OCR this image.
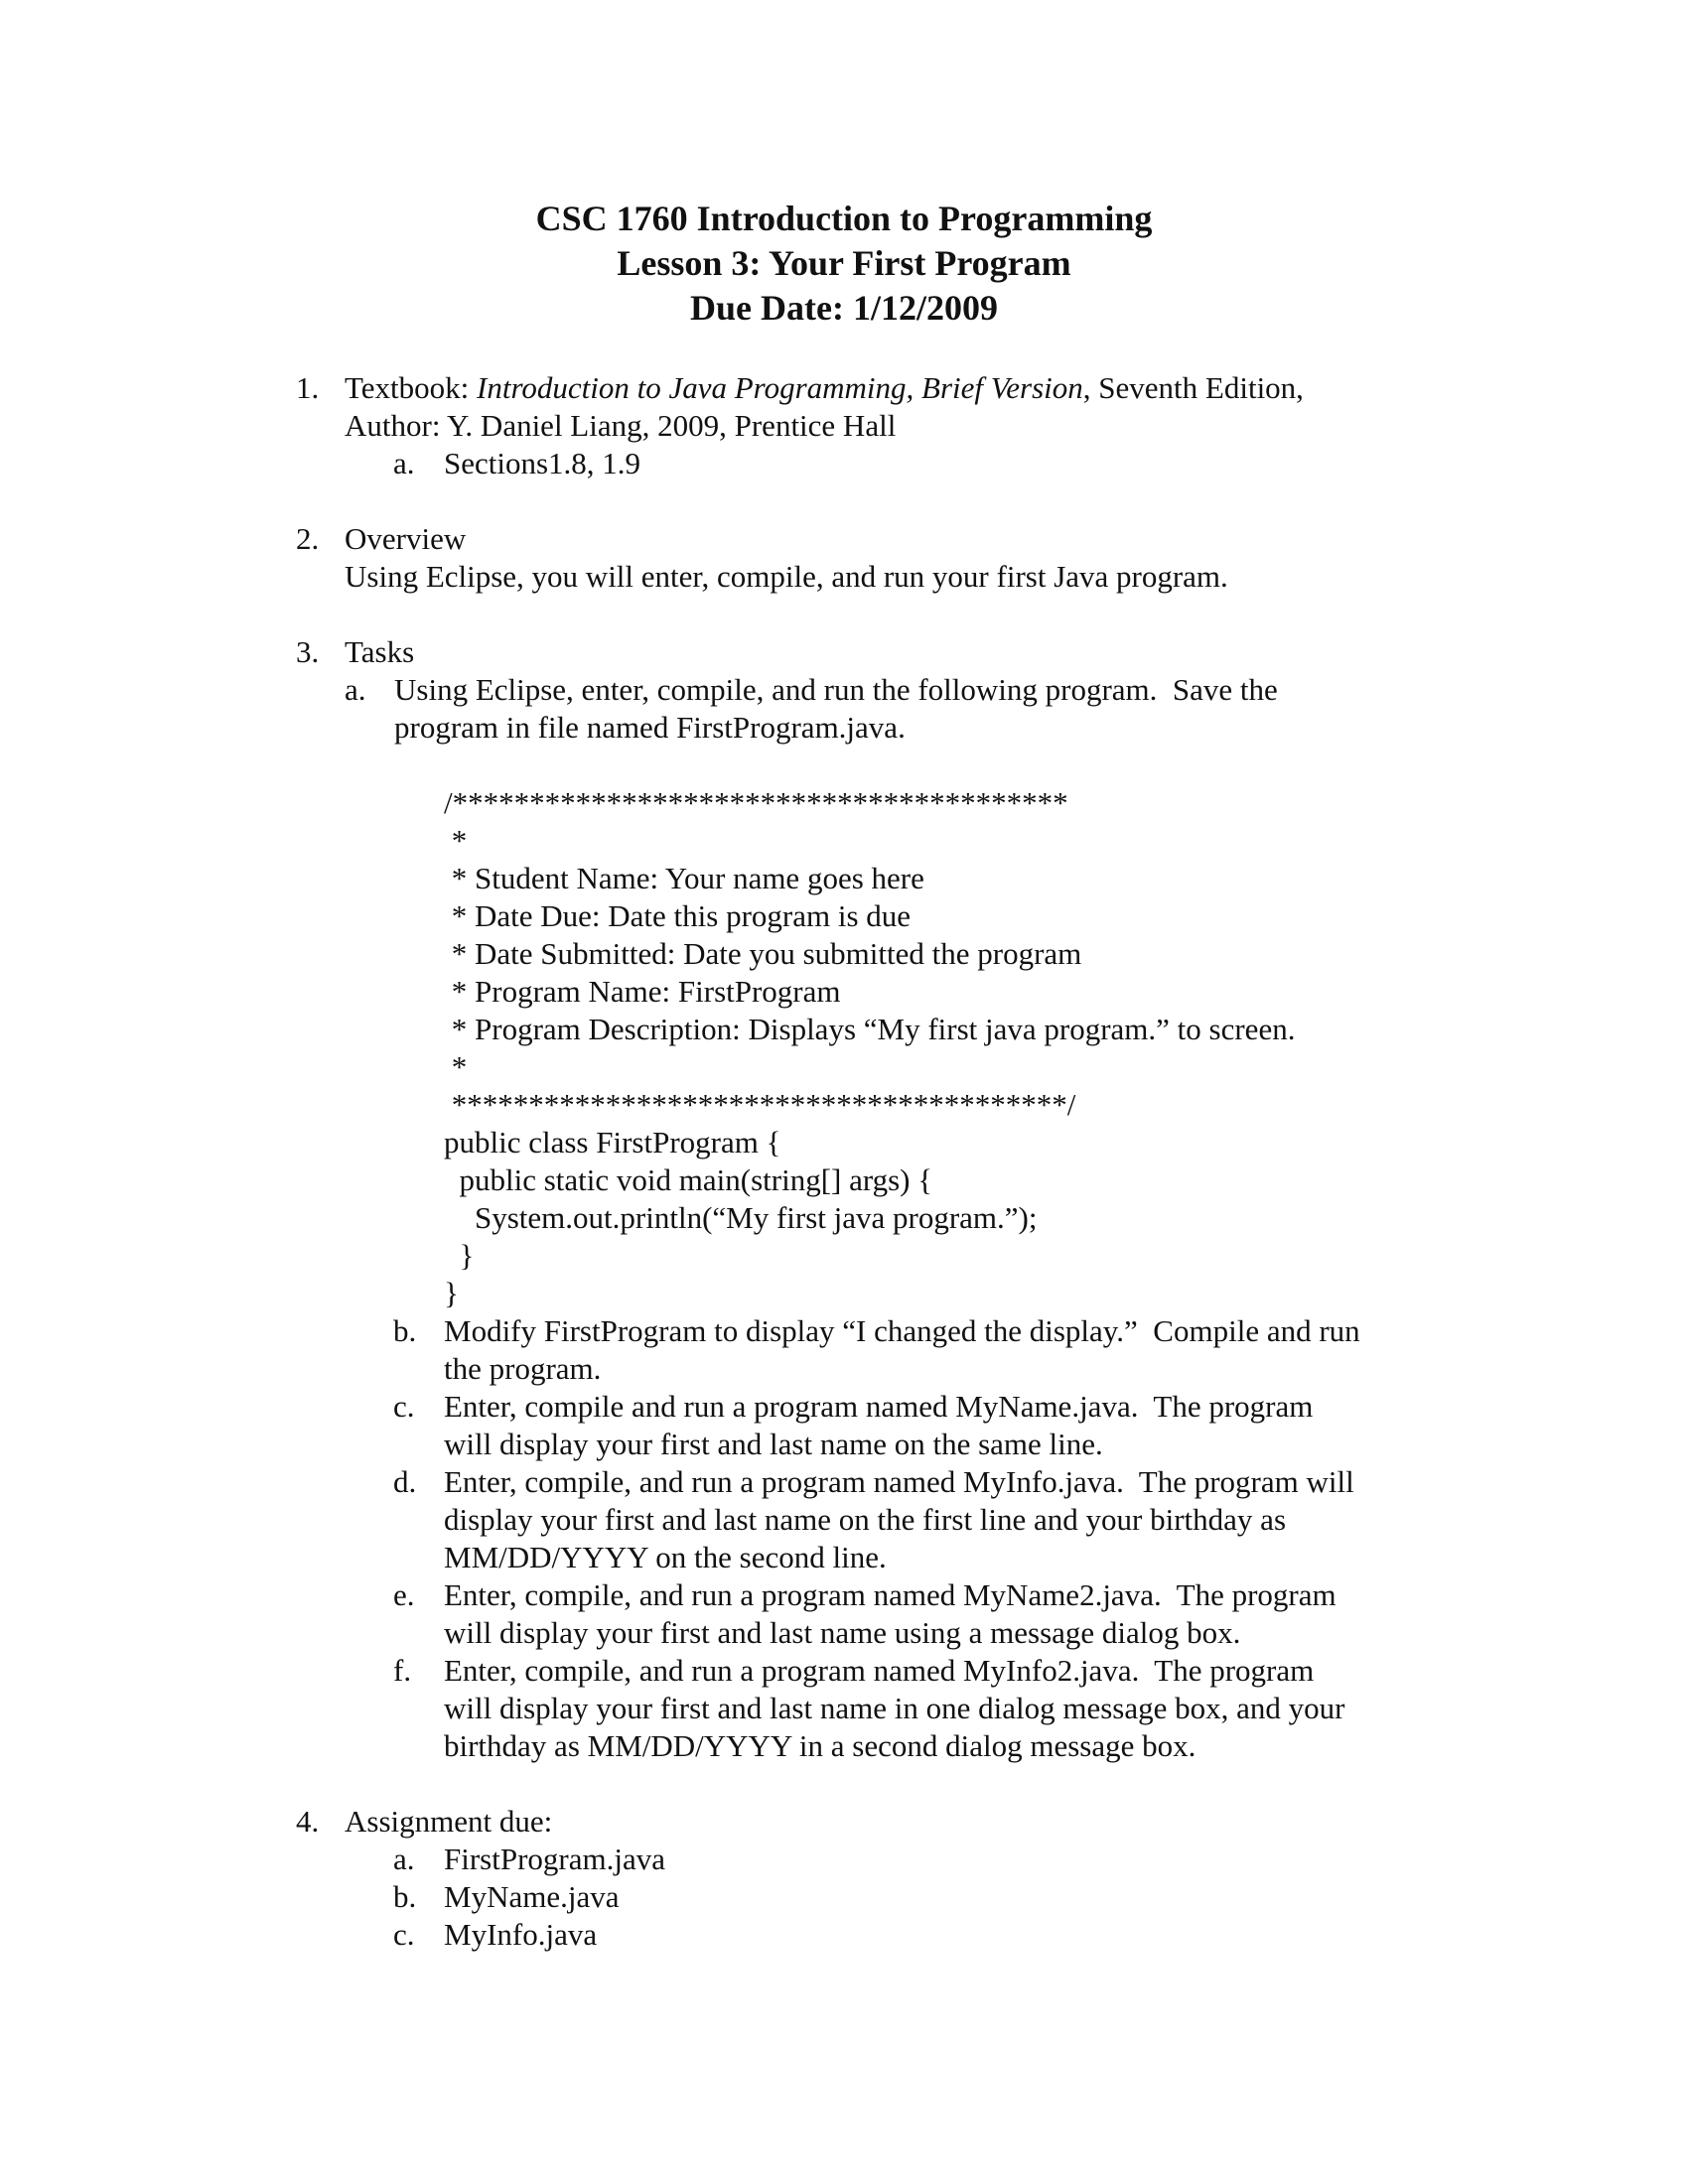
CSC 1760 Introduction to Programming
Lesson 3: Your First Program
Due Date: 1/12/2009
1. Textbook: Introduction to Java Programming, Brief Version, Seventh Edition,
Author: Y. Daniel Liang, 2009, Prentice Hall
a. Sections1.8, 1.9
2. Overview
Using Eclipse, you will enter, compile, and run your first Java program.
3. Tasks
a. Using Eclipse, enter, compile, and run the following program.  Save the
program in file named FirstProgram.java.
/****************************************
*
* Student Name: Your name goes here
* Date Due: Date this program is due
* Date Submitted: Date you submitted the program
* Program Name: FirstProgram
* Program Description: Displays “My first java program.” to screen.
*
****************************************/
public class FirstProgram {
public static void main(string[] args) {
System.out.println(“My first java program.”);
}
}
b. Modify FirstProgram to display “I changed the display.”  Compile and run
the program.
c. Enter, compile and run a program named MyName.java.  The program
will display your first and last name on the same line.
d. Enter, compile, and run a program named MyInfo.java.  The program will
display your first and last name on the first line and your birthday as
MM/DD/YYYY on the second line.
e. Enter, compile, and run a program named MyName2.java.  The program
will display your first and last name using a message dialog box.
f. Enter, compile, and run a program named MyInfo2.java.  The program
will display your first and last name in one dialog message box, and your
birthday as MM/DD/YYYY in a second dialog message box.
4. Assignment due:
a. FirstProgram.java
b. MyName.java
c. MyInfo.java
